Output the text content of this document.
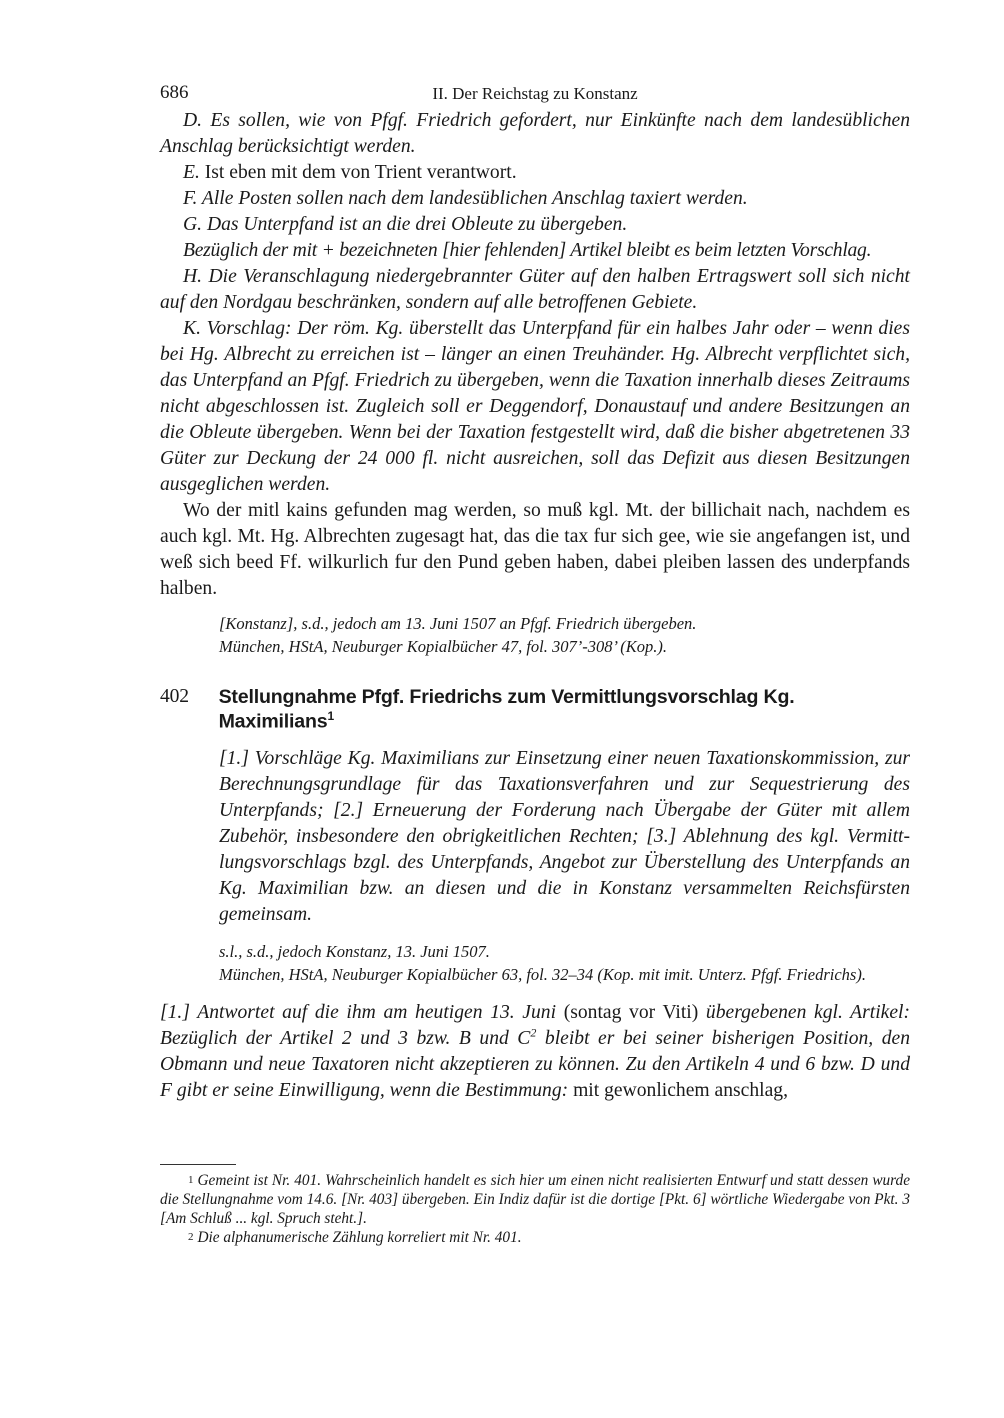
686	II. Der Reichstag zu Konstanz

D. Es sollen, wie von Pfgf. Friedrich gefordert, nur Einkünfte nach dem landesüblichen Anschlag berücksichtigt werden.

E. Ist eben mit dem von Trient verantwort.

F. Alle Posten sollen nach dem landesüblichen Anschlag taxiert werden.

G. Das Unterpfand ist an die drei Obleute zu übergeben.

Bezüglich der mit + bezeichneten [hier fehlenden] Artikel bleibt es beim letzten Vorschlag.

H. Die Veranschlagung niedergebrannter Güter auf den halben Ertragswert soll sich nicht auf den Nordgau beschränken, sondern auf alle betroffenen Gebiete.

K. Vorschlag: Der röm. Kg. überstellt das Unterpfand für ein halbes Jahr oder – wenn dies bei Hg. Albrecht zu erreichen ist – länger an einen Treuhänder. Hg. Albrecht verpflichtet sich, das Unterpfand an Pfgf. Friedrich zu übergeben, wenn die Taxation innerhalb dieses Zeitraums nicht abgeschlossen ist. Zugleich soll er Deggendorf, Donaustauf und andere Besitzungen an die Obleute übergeben. Wenn bei der Taxation festgestellt wird, daß die bisher abgetretenen 33 Güter zur Deckung der 24 000 fl. nicht ausreichen, soll das Defizit aus diesen Besitzungen ausgeglichen werden.

Wo der mitl kains gefunden mag werden, so muß kgl. Mt. der billichait nach, nachdem es auch kgl. Mt. Hg. Albrechten zugesagt hat, das die tax fur sich gee, wie sie angefangen ist, und weß sich beed Ff. wilkurlich fur den Pund geben haben, dabei pleiben lassen des underpfands halben.

[Konstanz], s.d., jedoch am 13. Juni 1507 an Pfgf. Friedrich übergeben.
München, HStA, Neuburger Kopialbücher 47, fol. 307’-308’ (Kop.).
402	Stellungnahme Pfgf. Friedrichs zum Vermittlungsvorschlag Kg. Maximilians$^1$
[1.] Vorschläge Kg. Maximilians zur Einsetzung einer neuen Taxationskommission, zur Berechnungsgrundlage für das Taxationsverfahren und zur Sequestrierung des Unterpfands; [2.] Erneuerung der Forderung nach Übergabe der Güter mit allem Zubehör, insbesondere den obrigkeitlichen Rechten; [3.] Ablehnung des kgl. Vermitt-lungsvorschlags bzgl. des Unterpfands, Angebot zur Überstellung des Unterpfands an Kg. Maximilian bzw. an diesen und die in Konstanz versammelten Reichsfürsten gemeinsam.
s.l., s.d., jedoch Konstanz, 13. Juni 1507.
München, HStA, Neuburger Kopialbücher 63, fol. 32–34 (Kop. mit imit. Unterz. Pfgf. Friedrichs).

[1.] Antwortet auf die ihm am heutigen 13. Juni (sontag vor Viti) übergebenen kgl. Artikel: Bezüglich der Artikel 2 und 3 bzw. B und C$^2$ bleibt er bei seiner bisherigen Position, den Obmann und neue Taxatoren nicht akzeptieren zu können. Zu den Artikeln 4 und 6 bzw. D und F gibt er seine Einwilligung, wenn die Bestimmung: mit gewonlichem anschlag,

1 Gemeint ist Nr. 401. Wahrscheinlich handelt es sich hier um einen nicht realisierten Entwurf und statt dessen wurde die Stellungnahme vom 14.6. [Nr. 403] übergeben. Ein Indiz dafür ist die dortige [Pkt. 6] wörtliche Wiedergabe von Pkt. 3 [Am Schluß ... kgl. Spruch steht.].

2 Die alphanumerische Zählung korreliert mit Nr. 401.
